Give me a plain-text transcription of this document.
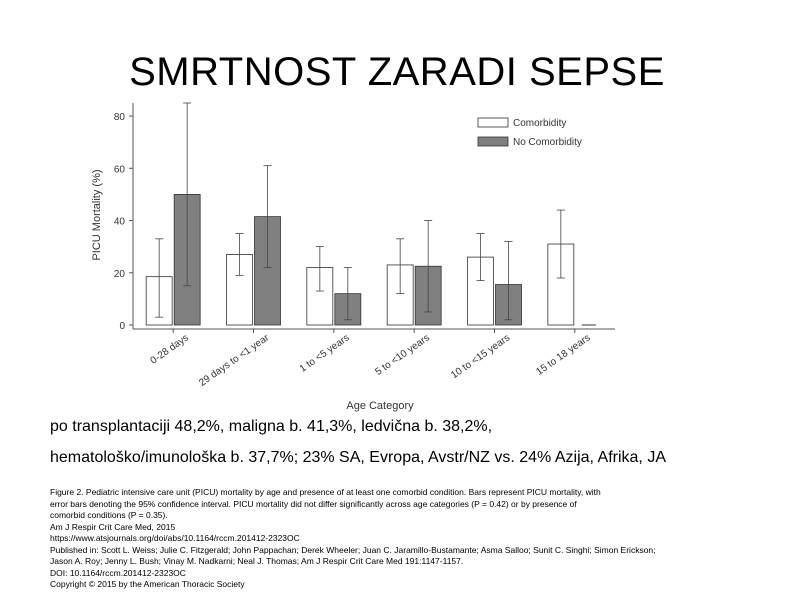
SMRTNOST ZARADI SEPSE
0
20
40
60
80
0-28 days 29 days to <1 year	1 to <5 years 5 to <10 years 10 to <15 years 15 to 18 years
Comorbidity
No Comorbidity
PICU Mortality (%)
Age Category
po transplantaciji 48,2%, maligna b. 41,3%, ledvična b. 38,2%,
hematološko/imunološka b. 37,7%; 23% SA, Evropa, Avstr/NZ vs. 24% Azija, Afrika, JA
Figure 2. Pediatric intensive care unit (PICU) mortality by age and presence of at least one comorbid condition. Bars represent PICU mortality, with
error bars denoting the 95% confidence interval. PICU mortality did not differ significantly across age categories (P = 0.42) or by presence of
comorbid conditions (P = 0.35).
Am J Respir Crit Care Med, 2015
https://www.atsjournals.org/doi/abs/10.1164/rccm.201412-2323OC
Published in: Scott L. Weiss; Julie C. Fitzgerald; John Pappachan; Derek Wheeler; Juan C. Jaramillo-Bustamante; Asma Salloo; Sunit C. Singhi; Simon Erickson;
Jason A. Roy; Jenny L. Bush; Vinay M. Nadkarni; Neal J. Thomas; Am J Respir Crit Care Med 191:1147-1157.
DOI: 10.1164/rccm.201412-2323OC
Copyright © 2015 by the American Thoracic Society
